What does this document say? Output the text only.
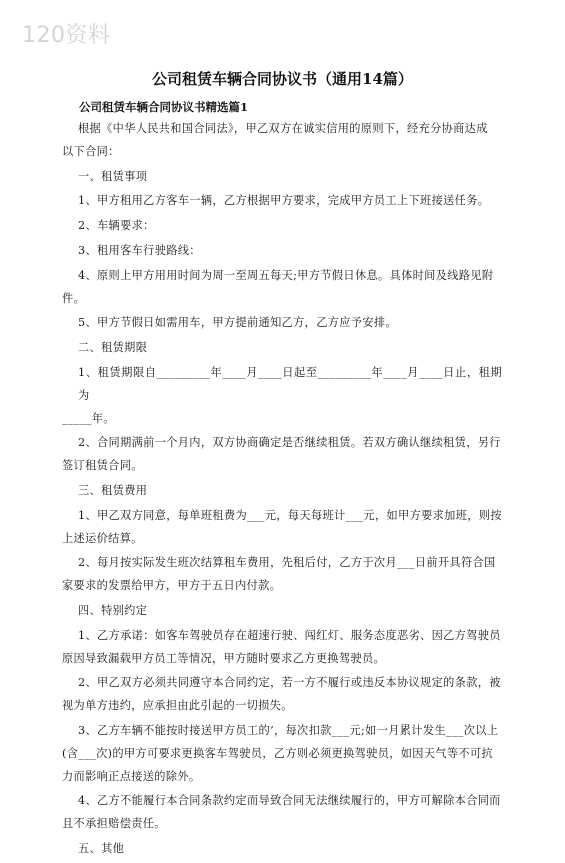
120资料
公司租赁车辆合同协议书（通用14篇）
公司租赁车辆合同协议书精选篇1

根据《中华人民共和国合同法》，甲乙双方在诚实信用的原则下，经充分协商达成
以下合同：

一、租赁事项

1、甲方租用乙方客车一辆，乙方根据甲方要求，完成甲方员工上下班接送任务。

2、车辆要求：

3、租用客车行驶路线：

4、原则上甲方用用时间为周一至周五每天;甲方节假日休息。具体时间及线路见附
件。

5、甲方节假日如需用车，甲方提前通知乙方，乙方应予安排。

二、租赁期限

1、租赁期限自_________年____月____日起至_________年____月____日止，租期为
_____年。

2、合同期满前一个月内，双方协商确定是否继续租赁。若双方确认继续租赁，另行
签订租赁合同。

三、租赁费用

1、甲乙双方同意，每单班租费为___元，每天每班计___元，如甲方要求加班，则按
上述运价结算。

2、每月按实际发生班次结算租车费用，先租后付，乙方于次月___日前开具符合国
家要求的发票给甲方，甲方于五日内付款。

四、特别约定

1、乙方承诺：如客车驾驶员存在超速行驶、闯红灯、服务态度恶劣、因乙方驾驶员
原因导致漏载甲方员工等情况，甲方随时要求乙方更换驾驶员。

2、甲乙双方必须共同遵守本合同约定，若一方不履行或违反本协议规定的条款，被
视为单方违约，应承担由此引起的一切损失。

3、乙方车辆不能按时接送甲方员工的’，每次扣款___元;如一月累计发生___次以上
(含___次)的甲方可要求更换客车驾驶员，乙方则必须更换驾驶员，如因天气等不可抗
力而影响正点接送的除外。

4、乙方不能履行本合同条款约定而导致合同无法继续履行的，甲方可解除本合同而
且不承担赔偿责任。

五、其他
